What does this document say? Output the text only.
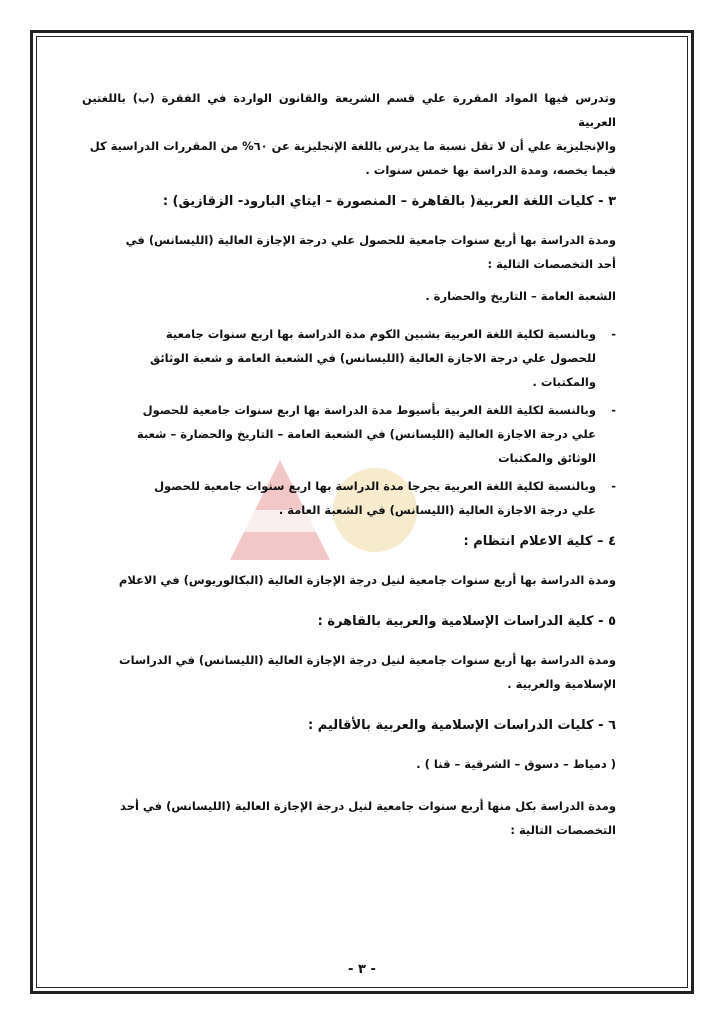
وتدرس فيها المواد المقررة علي قسم الشريعة والقانون الواردة في الفقرة (ب) باللغتين العربية

والإنجليزية علي أن لا تقل نسبة ما يدرس باللغة الإنجليزية عن ٦٠% من المقررات الدراسية كل

فيما يخصه، ومدة الدراسة بها خمس سنوات .

٣ - كليات اللغة العربية( بالقاهرة – المنصورة – ايتاي البارود- الزقازيق) :

ومدة الدراسة بها أربع سنوات جامعية للحصول علي درجة الإجازة العالية (الليسانس) في

أحد التخصصات التالية :

الشعبة العامة – التاريخ والحضارة .

-

وبالنسبة لكلية اللغة العربية بشبين الكوم مدة الدراسة بها اربع سنوات جامعية

للحصول علي درجة الاجازة العالية (الليسانس) في الشعبة العامة و شعبة الوثائق

والمكتبات .

-

وبالنسبة لكلية اللغة العربية بأسيوط مدة الدراسة بها اربع سنوات جامعية للحصول

علي درجة الاجازة العالية (الليسانس) في الشعبة العامة – التاريخ والحضارة – شعبة

الوثائق والمكتبات

-

وبالنسبة لكلية اللغة العربية بجرجا مدة الدراسة بها اربع سنوات جامعية للحصول

علي درجة الاجازة العالية (الليسانس) في الشعبة العامة .

٤ – كلية الاعلام انتظام :

ومدة الدراسة بها أربع سنوات جامعية لنيل درجة الإجازة العالية (البكالوريوس) في الاعلام

٥ - كلية الدراسات الإسلامية والعربية بالقاهرة :

ومدة الدراسة بها أربع سنوات جامعية لنيل درجة الإجازة العالية (الليسانس) في الدراسات

الإسلامية والعربية .

٦ - كليات الدراسات الإسلامية والعربية بالأقاليم :

( دمياط – دسوق – الشرقية – قنا ) .

ومدة الدراسة بكل منها أربع سنوات جامعية لنيل درجة الإجازة العالية (الليسانس) في أحد

التخصصات التالية :

- ٣ -
